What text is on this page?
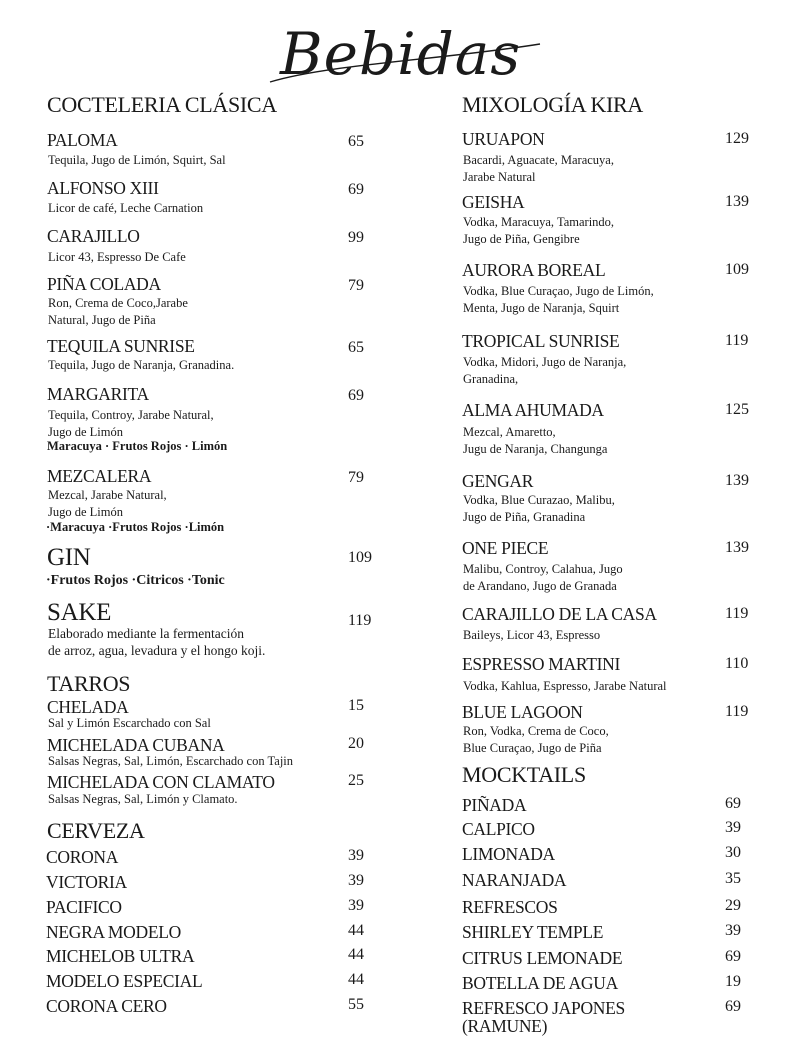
Bebidas
COCTELERIA CLÁSICA
PALOMA	65
Tequila, Jugo de Limón, Squirt, Sal
ALFONSO XIII	69
Licor de café, Leche Carnation
CARAJILLO	99
Licor 43, Espresso De Cafe
PIÑA COLADA	79
Ron, Crema de Coco,Jarabe
Natural, Jugo de Piña
TEQUILA SUNRISE	65
Tequila, Jugo de Naranja, Granadina.
MARGARITA	69
Tequila, Controy, Jarabe Natural,
Jugo de Limón
Maracuya · Frutos Rojos · Limón
MEZCALERA	79
Mezcal, Jarabe Natural,
Jugo de Limón
·Maracuya ·Frutos Rojos ·Limón
GIN	109
·Frutos Rojos ·Citricos ·Tonic
SAKE	119
Elaborado mediante la fermentación
de arroz, agua, levadura y el hongo koji.
TARROS
CHELADA	15
Sal y Limón Escarchado con Sal
MICHELADA CUBANA	20
Salsas Negras, Sal, Limón, Escarchado con Tajin
MICHELADA CON CLAMATO	25
Salsas Negras, Sal, Limón y Clamato.
CERVEZA
CORONA	39
VICTORIA	39
PACIFICO	39
NEGRA MODELO	44
MICHELOB ULTRA	44
MODELO ESPECIAL	44
CORONA CERO	55
MIXOLOGÍA KIRA
URUAPON	129
Bacardi, Aguacate, Maracuya,
Jarabe Natural
GEISHA	139
Vodka, Maracuya, Tamarindo,
Jugo de Piña, Gengibre
AURORA BOREAL	109
Vodka, Blue Curaçao, Jugo de Limón,
Menta, Jugo de Naranja, Squirt
TROPICAL SUNRISE	119
Vodka, Midori, Jugo de Naranja,
Granadina,
ALMA AHUMADA	125
Mezcal, Amaretto,
Jugu de Naranja, Changunga
GENGAR	139
Vodka, Blue Curazao, Malibu,
Jugo de Piña, Granadina
ONE PIECE	139
Malibu, Controy, Calahua, Jugo
de Arandano, Jugo de Granada
CARAJILLO DE LA CASA	119
Baileys, Licor 43, Espresso
ESPRESSO MARTINI	110
Vodka, Kahlua, Espresso, Jarabe Natural
BLUE LAGOON	119
Ron, Vodka, Crema de Coco,
Blue Curaçao, Jugo de Piña
MOCKTAILS
PIÑADA	69
CALPICO	39
LIMONADA	30
NARANJADA	35
REFRESCOS	29
SHIRLEY TEMPLE	39
CITRUS LEMONADE	69
BOTELLA DE AGUA	19
REFRESCO JAPONES	69
(RAMUNE)
